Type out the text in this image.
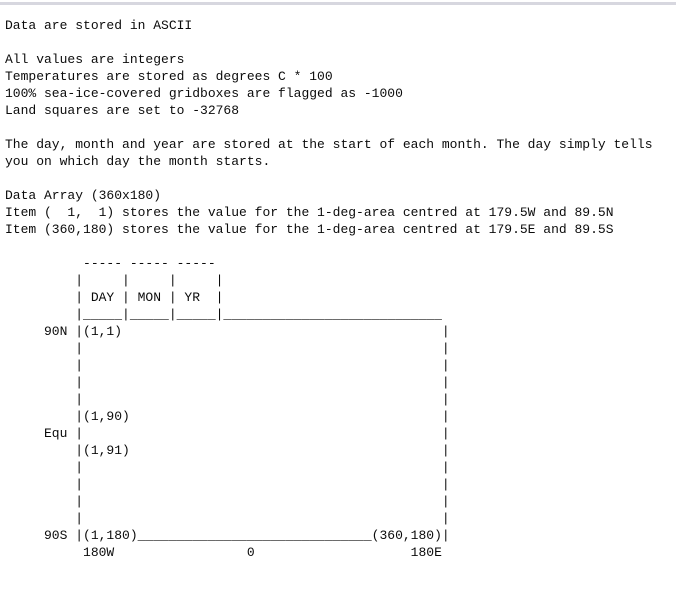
Data are stored in ASCII
All values are integers
Temperatures are stored as degrees C * 100
100% sea-ice-covered gridboxes are flagged as -1000
Land squares are set to -32768
The day, month and year are stored at the start of each month. The day simply tells
you on which day the month starts.
Data Array (360x180)
Item (  1,  1) stores the value for the 1-deg-area centred at 179.5W and 89.5N
Item (360,180) stores the value for the 1-deg-area centred at 179.5E and 89.5S
----- ----- -----
|     |     |     |
| DAY | MON | YR  |
|_____|_____|_____|____________________________
90N |(1,1)                                         |
|                                              |
|                                              |
|                                              |
|                                              |
|(1,90)                                        |
Equ |                                              |
|(1,91)                                        |
|                                              |
|                                              |
|                                              |
|                                              |
90S |(1,180)______________________________(360,180)|
180W                 0                    180E
